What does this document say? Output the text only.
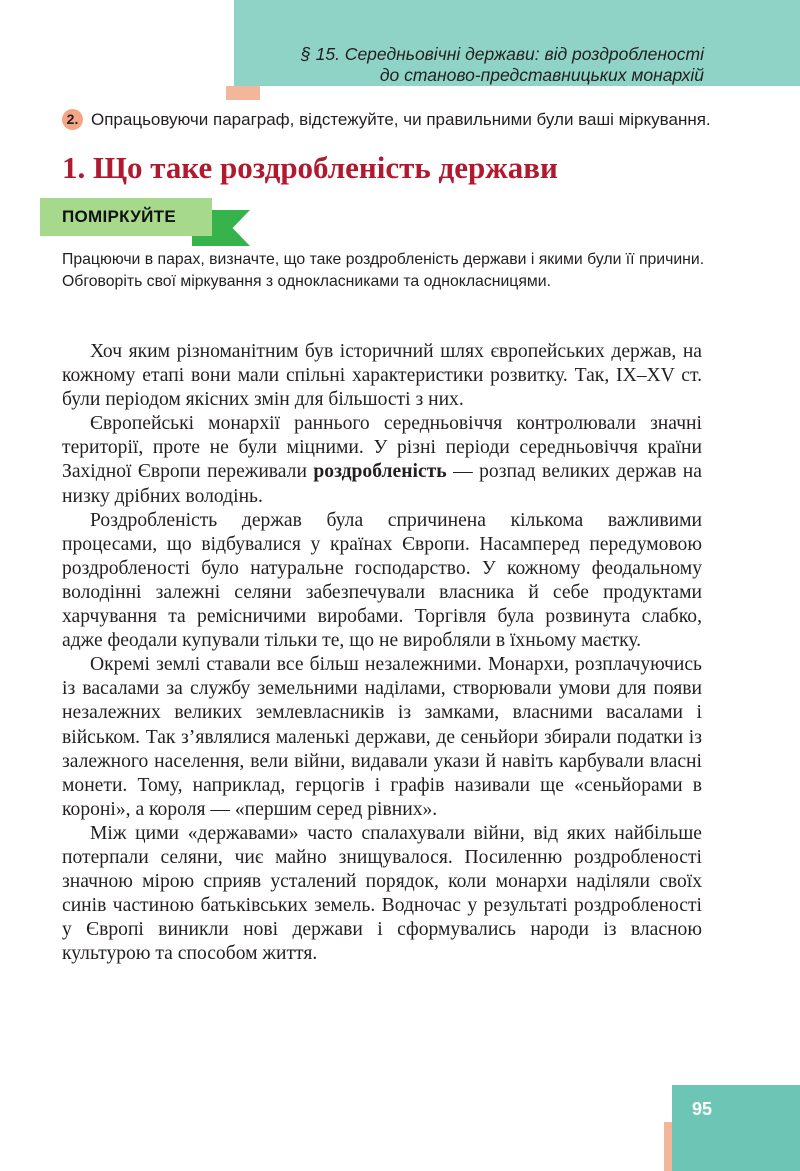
§ 15. Середньовічні держави: від роздробленості
до станово-представницьких монархій
2. Опрацьовуючи параграф, відстежуйте, чи правильними були ваші міркування.
1. Що таке роздробленість держави
ПОМІРКУЙТЕ
Працюючи в парах, визначте, що таке роздробленість держави і якими були її причини. Обговоріть свої міркування з однокласниками та однокласницями.

Хоч яким різноманітним був історичний шлях європейських держав, на кожному етапі вони мали спільні характеристики розвитку. Так, IX–XV ст. були періодом якісних змін для більшості з них.

Європейські монархії раннього середньовіччя контролювали значні території, проте не були міцними. У різні періоди середньовіччя країни Західної Європи переживали роздробленість — розпад великих держав на низку дрібних володінь.

Роздробленість держав була спричинена кількома важливими процесами, що відбувалися у країнах Європи. Насамперед передумовою роздробленості було натуральне господарство. У кожному феодальному володінні залежні селяни забезпечували власника й себе продуктами харчування та ремісничими виробами. Торгівля була розвинута слабко, адже феодали купували тільки те, що не виробляли в їхньому маєтку.

Окремі землі ставали все більш незалежними. Монархи, розплачуючись із васалами за службу земельними наділами, створювали умови для появи незалежних великих землевласників із замками, власними васалами і військом. Так з’являлися маленькі держави, де сеньйори збирали податки із залежного населення, вели війни, видавали укази й навіть карбували власні монети. Тому, наприклад, герцогів і графів називали ще «сеньйорами в короні», а короля — «першим серед рівних».

Між цими «державами» часто спалахували війни, від яких найбільше потерпали селяни, чиє майно знищувалося. Посиленню роздробленості значною мірою сприяв усталений порядок, коли монархи наділяли своїх синів частиною батьківських земель. Водночас у результаті роздробленості у Європі виникли нові держави і сформувались народи із власною культурою та способом життя.

95
